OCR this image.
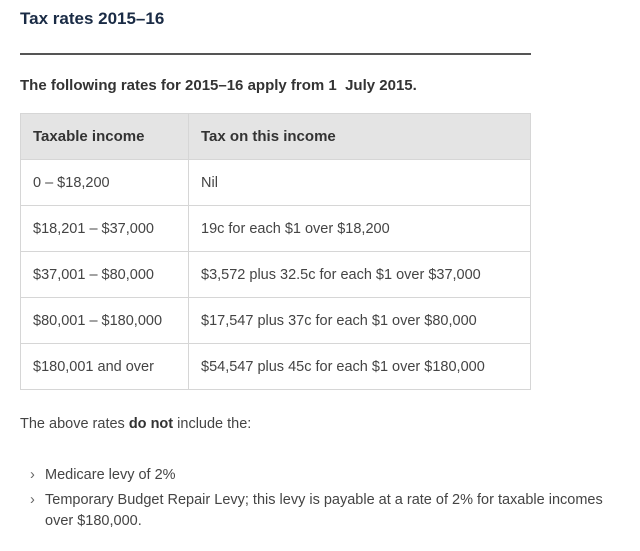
Tax rates 2015–16

The following rates for 2015–16 apply from 1  July 2015.

Taxable income	Tax on this income
0 – $18,200	Nil
$18,201 – $37,000	19c for each $1 over $18,200
$37,001 – $80,000	$3,572 plus 32.5c for each $1 over $37,000
$80,001 – $180,000	$17,547 plus 37c for each $1 over $80,000
$180,001 and over	$54,547 plus 45c for each $1 over $180,000

The above rates do not include the:

› Medicare levy of 2%
› Temporary Budget Repair Levy; this levy is payable at a rate of 2% for taxable incomes over $180,000.
